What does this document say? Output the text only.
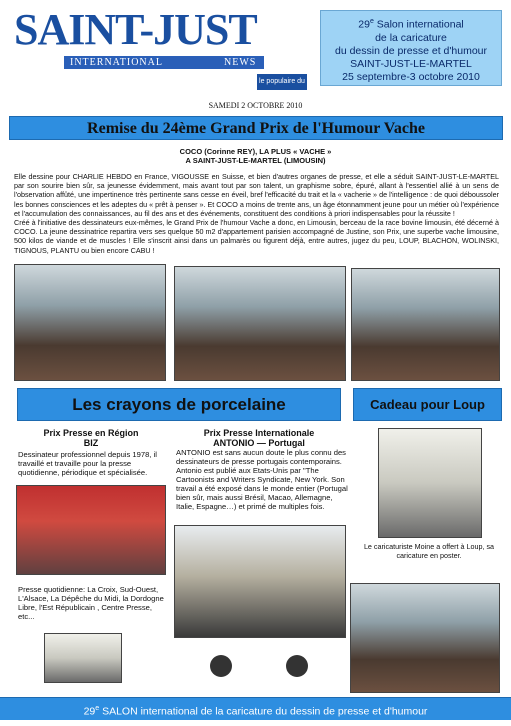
SAINT-JUST
INTERNATIONAL	NEWS
le populaire du centre
29e Salon international
de la caricature
du dessin de presse et d'humour
SAINT-JUST-LE-MARTEL
25 septembre-3 octobre 2010
SAMEDI 2 OCTOBRE 2010
Remise du 24ème Grand Prix de l'Humour Vache
COCO (Corinne REY), LA PLUS « VACHE »
A SAINT-JUST-LE-MARTEL (LIMOUSIN)

Elle dessine pour CHARLIE HEBDO en France, VIGOUSSE en Suisse, et bien d'autres organes de presse, et elle a séduit SAINT-JUST-LE-MARTEL par son sourire bien sûr, sa jeunesse évidemment, mais avant tout par son talent, un graphisme sobre, épuré, allant à l'essentiel allié à un sens de l'observation affûté, une impertinence très pertinente sans cesse en éveil, bref l'efficacité du trait et la « vacherie » de l'intelligence : de quoi déboussoler les bonnes consciences et les adeptes du « prêt à penser ». Et COCO a moins de trente ans, un âge étonnamment jeune pour un métier où l'expérience et l'accumulation des connaissances, au fil des ans et des événements, constituent des conditions à priori indispensables pour la réussite !

Créé à l'initiative des dessinateurs eux-mêmes, le Grand Prix de l'humour Vache a donc, en Limousin, berceau de la race bovine limousin, été décerné à COCO. La jeune dessinatrice repartira vers ses quelque 50 m2 d'appartement parisien accompagné de Justine, son Prix, une superbe vache limousine, 500 kilos de viande et de muscles ! Elle s'inscrit ainsi dans un palmarès ou figurent déjà, entre autres, jugez du peu, LOUP, BLACHON, WOLINSKI, TIGNOUS, PLANTU ou bien encore CABU !

Les crayons de porcelaine	Cadeau pour Loup
Prix Presse en Région
BIZ
Dessinateur professionnel depuis 1978, il travaillé et travaille pour la presse quotidienne, périodique et spécialisée.
Presse quotidienne: La Croix, Sud-Ouest, L'Alsace, La Dépêche du Midi, la Dordogne Libre, l'Est Républicain , Centre Presse, etc...
Prix Presse Internationale
ANTONIO — Portugal
ANTONIO est sans aucun doute le plus connu des dessinateurs de presse portugais contemporains.
Antonio est publié aux Etats-Unis par "The Cartoonists and Writers Syndicate, New York. Son travail a été exposé dans le monde entier (Portugal bien sûr, mais aussi Brésil, Macao, Allemagne, Italie, Espagne…) et primé de multiples fois.
Le caricaturiste Moine a offert à Loup, sa caricature en poster.
29e SALON international de la caricature du dessin de presse et d'humour
